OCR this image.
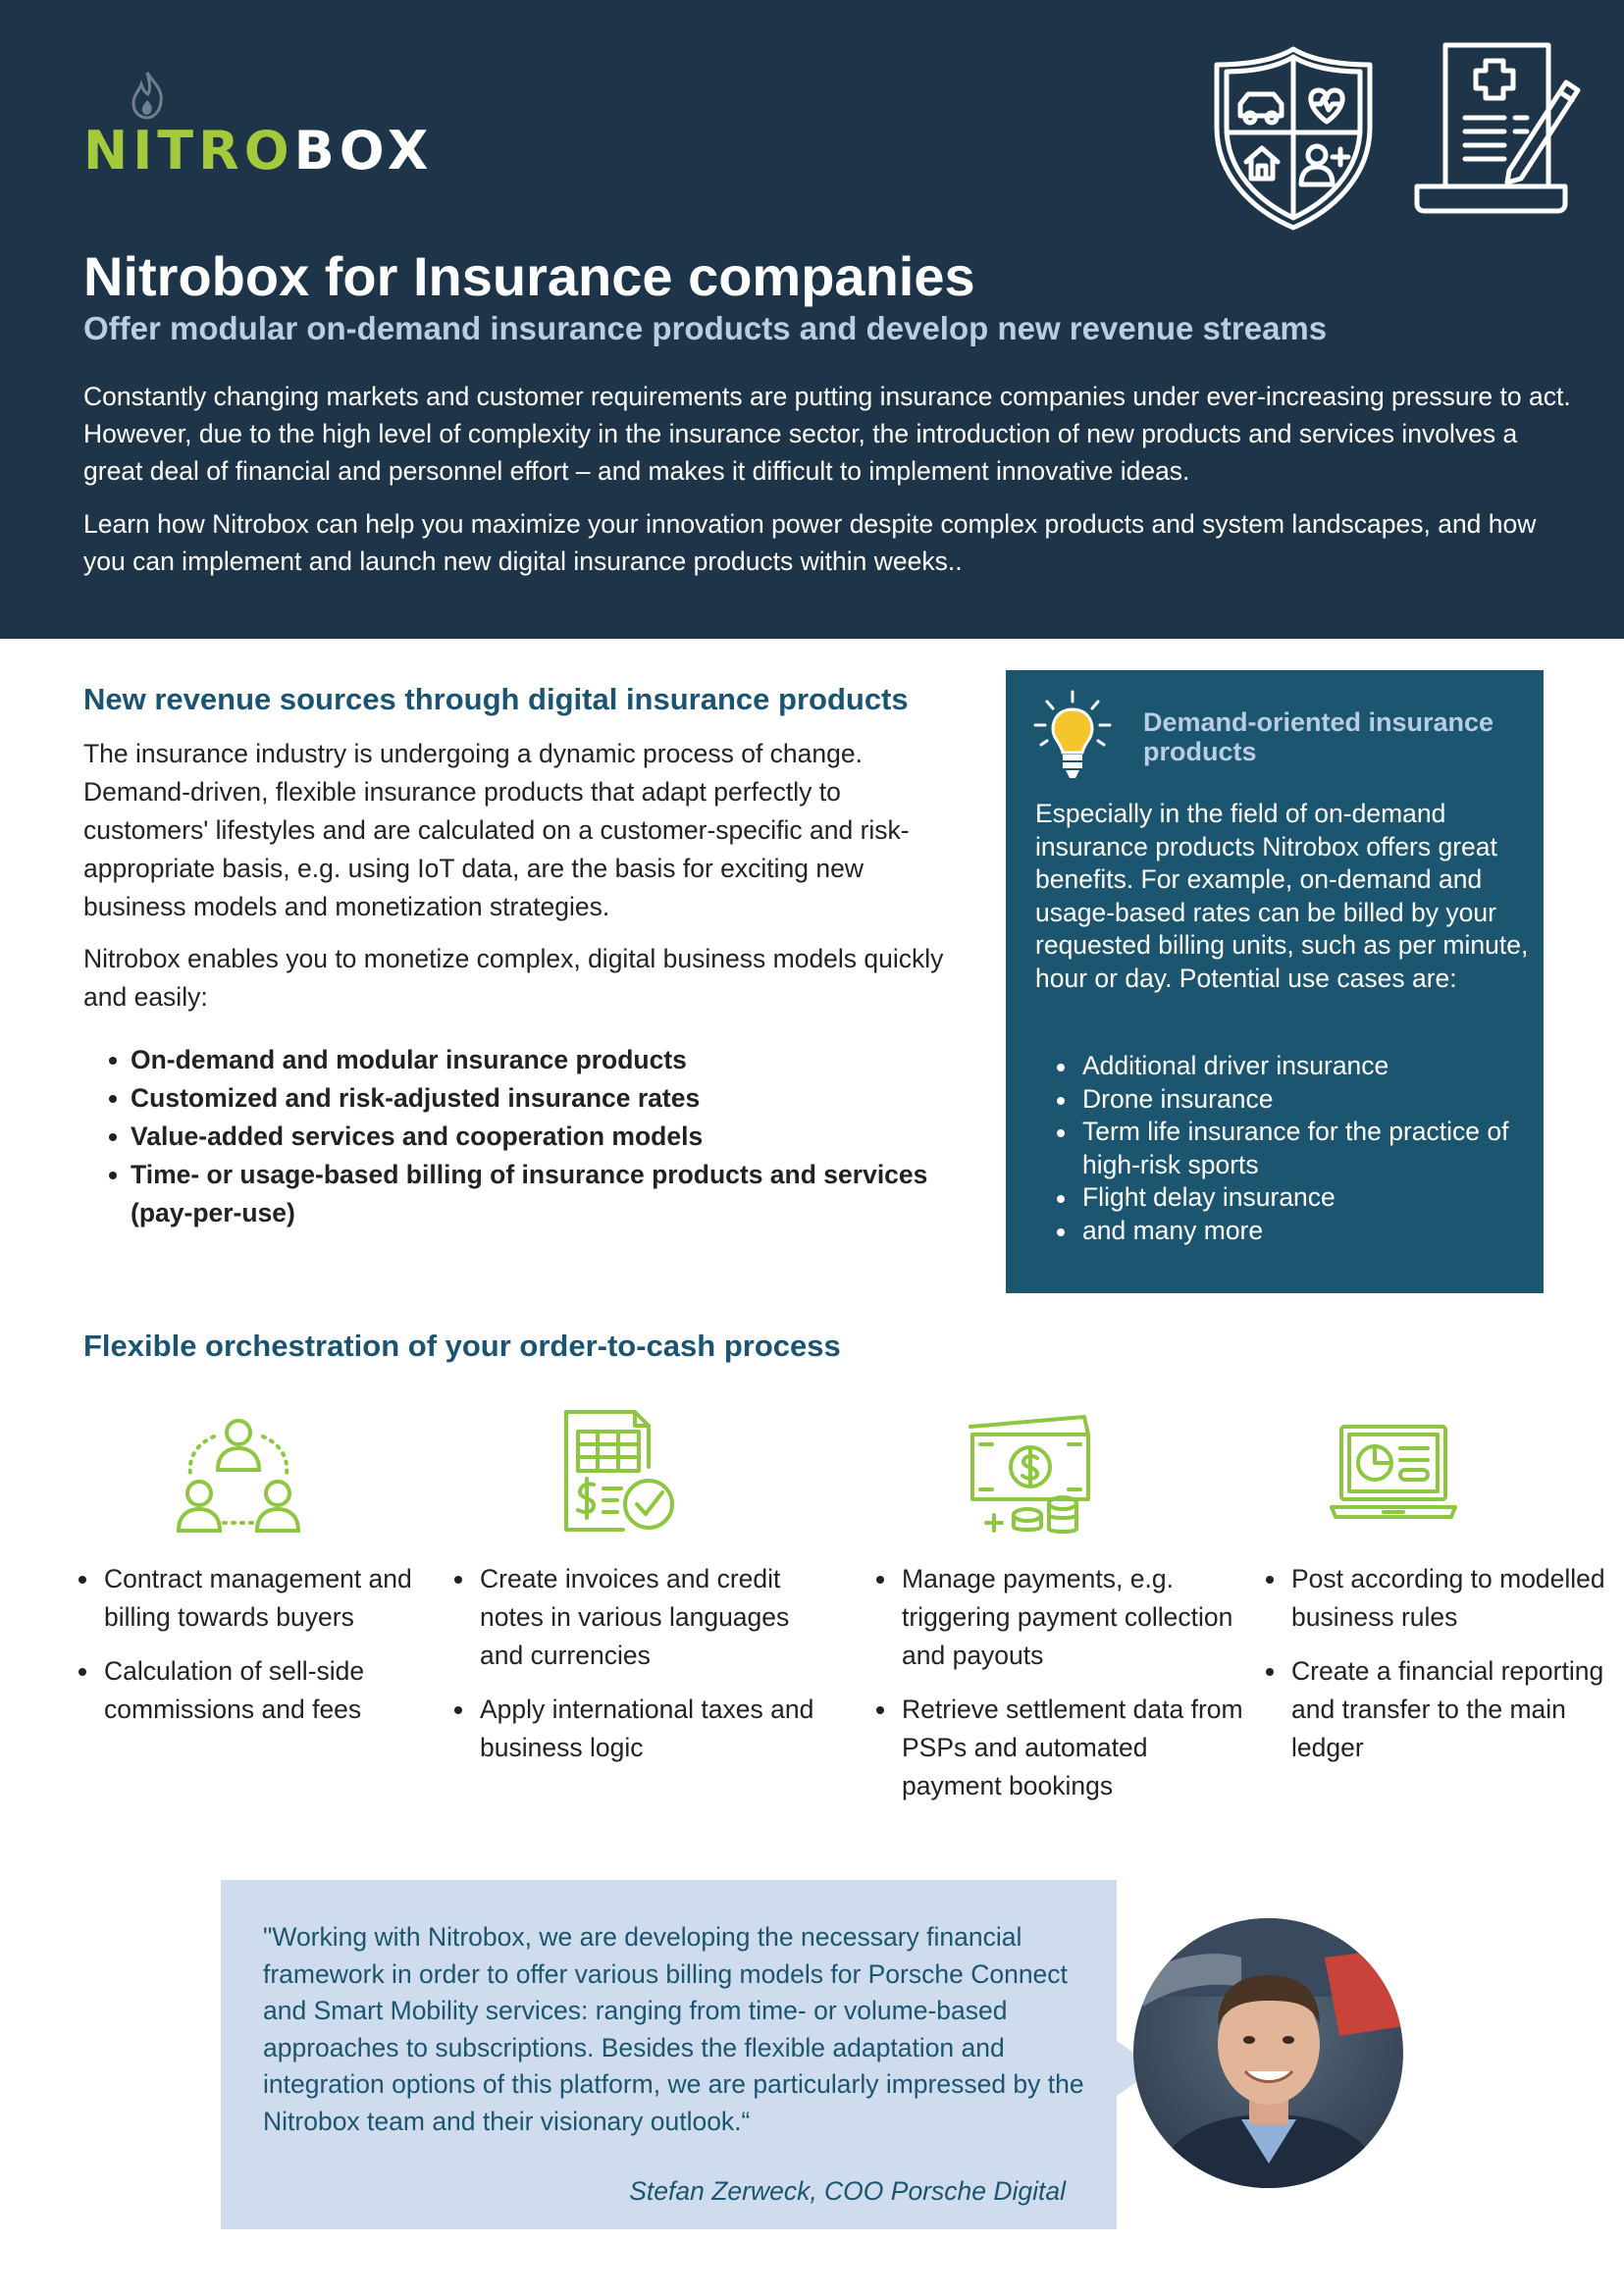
NITROBOX
Nitrobox for Insurance companies
Offer modular on-demand insurance products and develop new revenue streams

Constantly changing markets and customer requirements are putting insurance companies under ever-increasing pressure to act. However, due to the high level of complexity in the insurance sector, the introduction of new products and services involves a great deal of financial and personnel effort – and makes it difficult to implement innovative ideas.

Learn how Nitrobox can help you maximize your innovation power despite complex products and system landscapes, and how you can implement and launch new digital insurance products within weeks..

New revenue sources through digital insurance products

The insurance industry is undergoing a dynamic process of change. Demand-driven, flexible insurance products that adapt perfectly to customers' lifestyles and are calculated on a customer-specific and risk-appropriate basis, e.g. using IoT data, are the basis for exciting new business models and monetization strategies.

Nitrobox enables you to monetize complex, digital business models quickly and easily:

On-demand and modular insurance products
Customized and risk-adjusted insurance rates
Value-added services and cooperation models
Time- or usage-based billing of insurance products and services (pay-per-use)
Demand-oriented insurance products

Especially in the field of on-demand insurance products Nitrobox offers great benefits. For example, on-demand and usage-based rates can be billed by your requested billing units, such as per minute, hour or day. Potential use cases are:

Additional driver insurance
Drone insurance
Term life insurance for the practice of high-risk sports
Flight delay insurance
and many more
Flexible orchestration of your order-to-cash process
Contract management and billing towards buyers
Calculation of sell-side commissions and fees
Create invoices and credit notes in various languages and currencies
Apply international taxes and business logic
Manage payments, e.g. triggering payment collection and payouts
Retrieve settlement data from PSPs and automated payment bookings
Post according to modelled business rules
Create a financial reporting and transfer to the main ledger

"Working with Nitrobox, we are developing the necessary financial framework in order to offer various billing models for Porsche Connect and Smart Mobility services: ranging from time- or volume-based approaches to subscriptions. Besides the flexible adaptation and integration options of this platform, we are particularly impressed by the Nitrobox team and their visionary outlook.“

Stefan Zerweck, COO Porsche Digital
